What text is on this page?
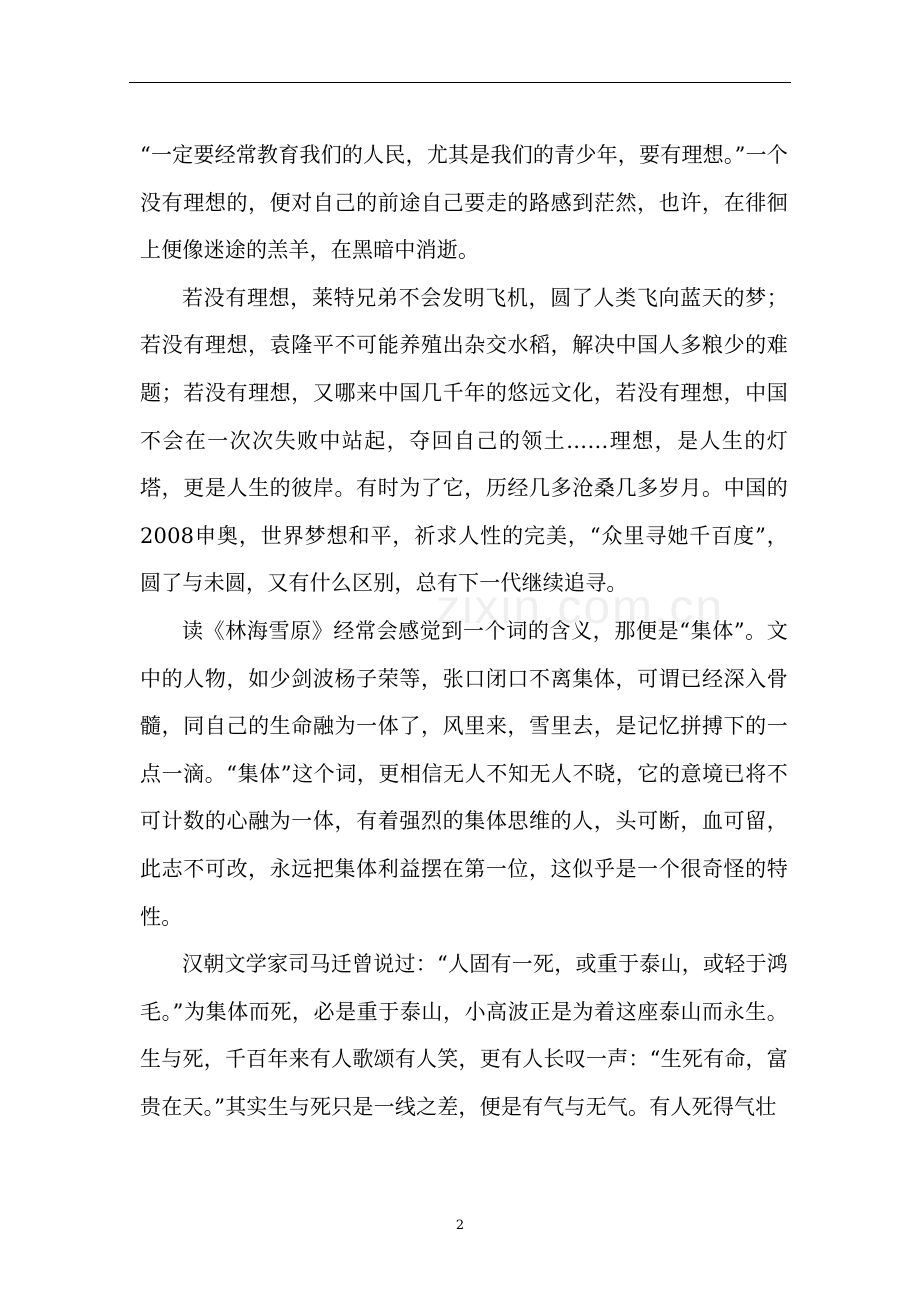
zixin.com.cn

“一定要经常教育我们的人民，尤其是我们的青少年，要有理想。”一个没有理想的，便对自己的前途自己要走的路感到茫然，也许，在徘徊上便像迷途的羔羊，在黑暗中消逝。

若没有理想，莱特兄弟不会发明飞机，圆了人类飞向蓝天的梦；若没有理想，袁隆平不可能养殖出杂交水稻，解决中国人多粮少的难题；若没有理想，又哪来中国几千年的悠远文化，若没有理想，中国不会在一次次失败中站起，夺回自己的领土……理想，是人生的灯塔，更是人生的彼岸。有时为了它，历经几多沧桑几多岁月。中国的2008申奥，世界梦想和平，祈求人性的完美，“众里寻她千百度”，圆了与未圆，又有什么区别，总有下一代继续追寻。

读《林海雪原》经常会感觉到一个词的含义，那便是“集体”。文中的人物，如少剑波杨子荣等，张口闭口不离集体，可谓已经深入骨髓，同自己的生命融为一体了，风里来，雪里去，是记忆拼搏下的一点一滴。“集体”这个词，更相信无人不知无人不晓，它的意境已将不可计数的心融为一体，有着强烈的集体思维的人，头可断，血可留，此志不可改，永远把集体利益摆在第一位，这似乎是一个很奇怪的特性。

汉朝文学家司马迁曾说过：“人固有一死，或重于泰山，或轻于鸿毛。”为集体而死，必是重于泰山，小高波正是为着这座泰山而永生。生与死，千百年来有人歌颂有人笑，更有人长叹一声：“生死有命，富贵在天。”其实生与死只是一线之差，便是有气与无气。有人死得气壮

2
